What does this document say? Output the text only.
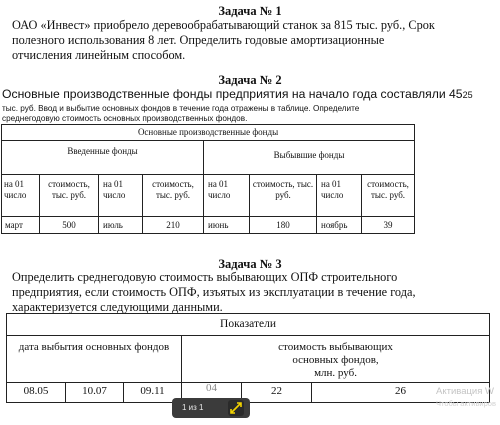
Задача № 1
ОАО «Инвест» приобрело деревообрабатывающий станок за 815 тыс. руб., Срок
полезного использования 8 лет. Определить годовые амортизационные
отчисления линейным способом.
Задача № 2
Основные производственные фонды предприятия на начало года составляли 4525
тыс. руб. Ввод и выбытие основных фондов в течение года отражены в таблице. Определите
среднегодовую стоимость основных производственных фондов.
Основные производственные фонды							
Введенные фонды				Выбывшие фонды			
на 01 число	стоимость, тыс. руб.	на 01 число	стоимость, тыс. руб.	на 01 число	стоимость, тыс. руб.	на 01 число	стоимость, тыс. руб.
март	500	июль	210	июнь	180	ноябрь	39
Задача № 3
Определить среднегодовую стоимость выбывающих ОПФ строительного
предприятия, если стоимость ОПФ, изъятых из эксплуатации в течение года,
характеризуется следующими данными.
Показатели					
дата выбытия основных фондов			стоимость выбывающих
основных фондов,
млн. руб.		

08.05	10.07	09.11	04	22	26
1 из 1
Активация W
Чтобы активиров
